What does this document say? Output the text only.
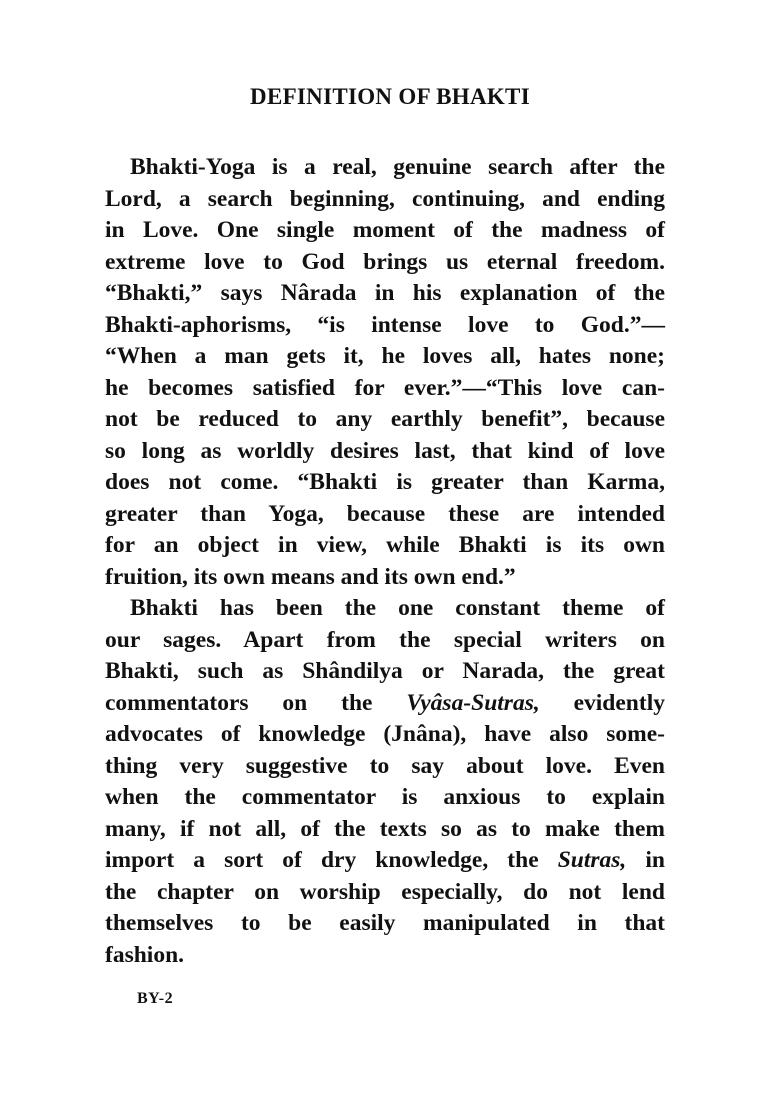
DEFINITION OF BHAKTI
Bhakti-Yoga is a real, genuine search after the
Lord, a search beginning, continuing, and ending
in Love. One single moment of the madness of
extreme love to God brings us eternal freedom.
“Bhakti,” says Nârada in his explanation of the
Bhakti-aphorisms, “is intense love to God.”—
“When a man gets it, he loves all, hates none;
he becomes satisfied for ever.”—“This love can-
not be reduced to any earthly benefit”, because
so long as worldly desires last, that kind of love
does not come. “Bhakti is greater than Karma,
greater than Yoga, because these are intended
for an object in view, while Bhakti is its own
fruition, its own means and its own end.”
Bhakti has been the one constant theme of
our sages. Apart from the special writers on
Bhakti, such as Shândilya or Narada, the great
commentators on the Vyâsa-Sutras, evidently
advocates of knowledge (Jnâna), have also some-
thing very suggestive to say about love. Even
when the commentator is anxious to explain
many, if not all, of the texts so as to make them
import a sort of dry knowledge, the Sutras, in
the chapter on worship especially, do not lend
themselves to be easily manipulated in that
fashion.
BY-2
